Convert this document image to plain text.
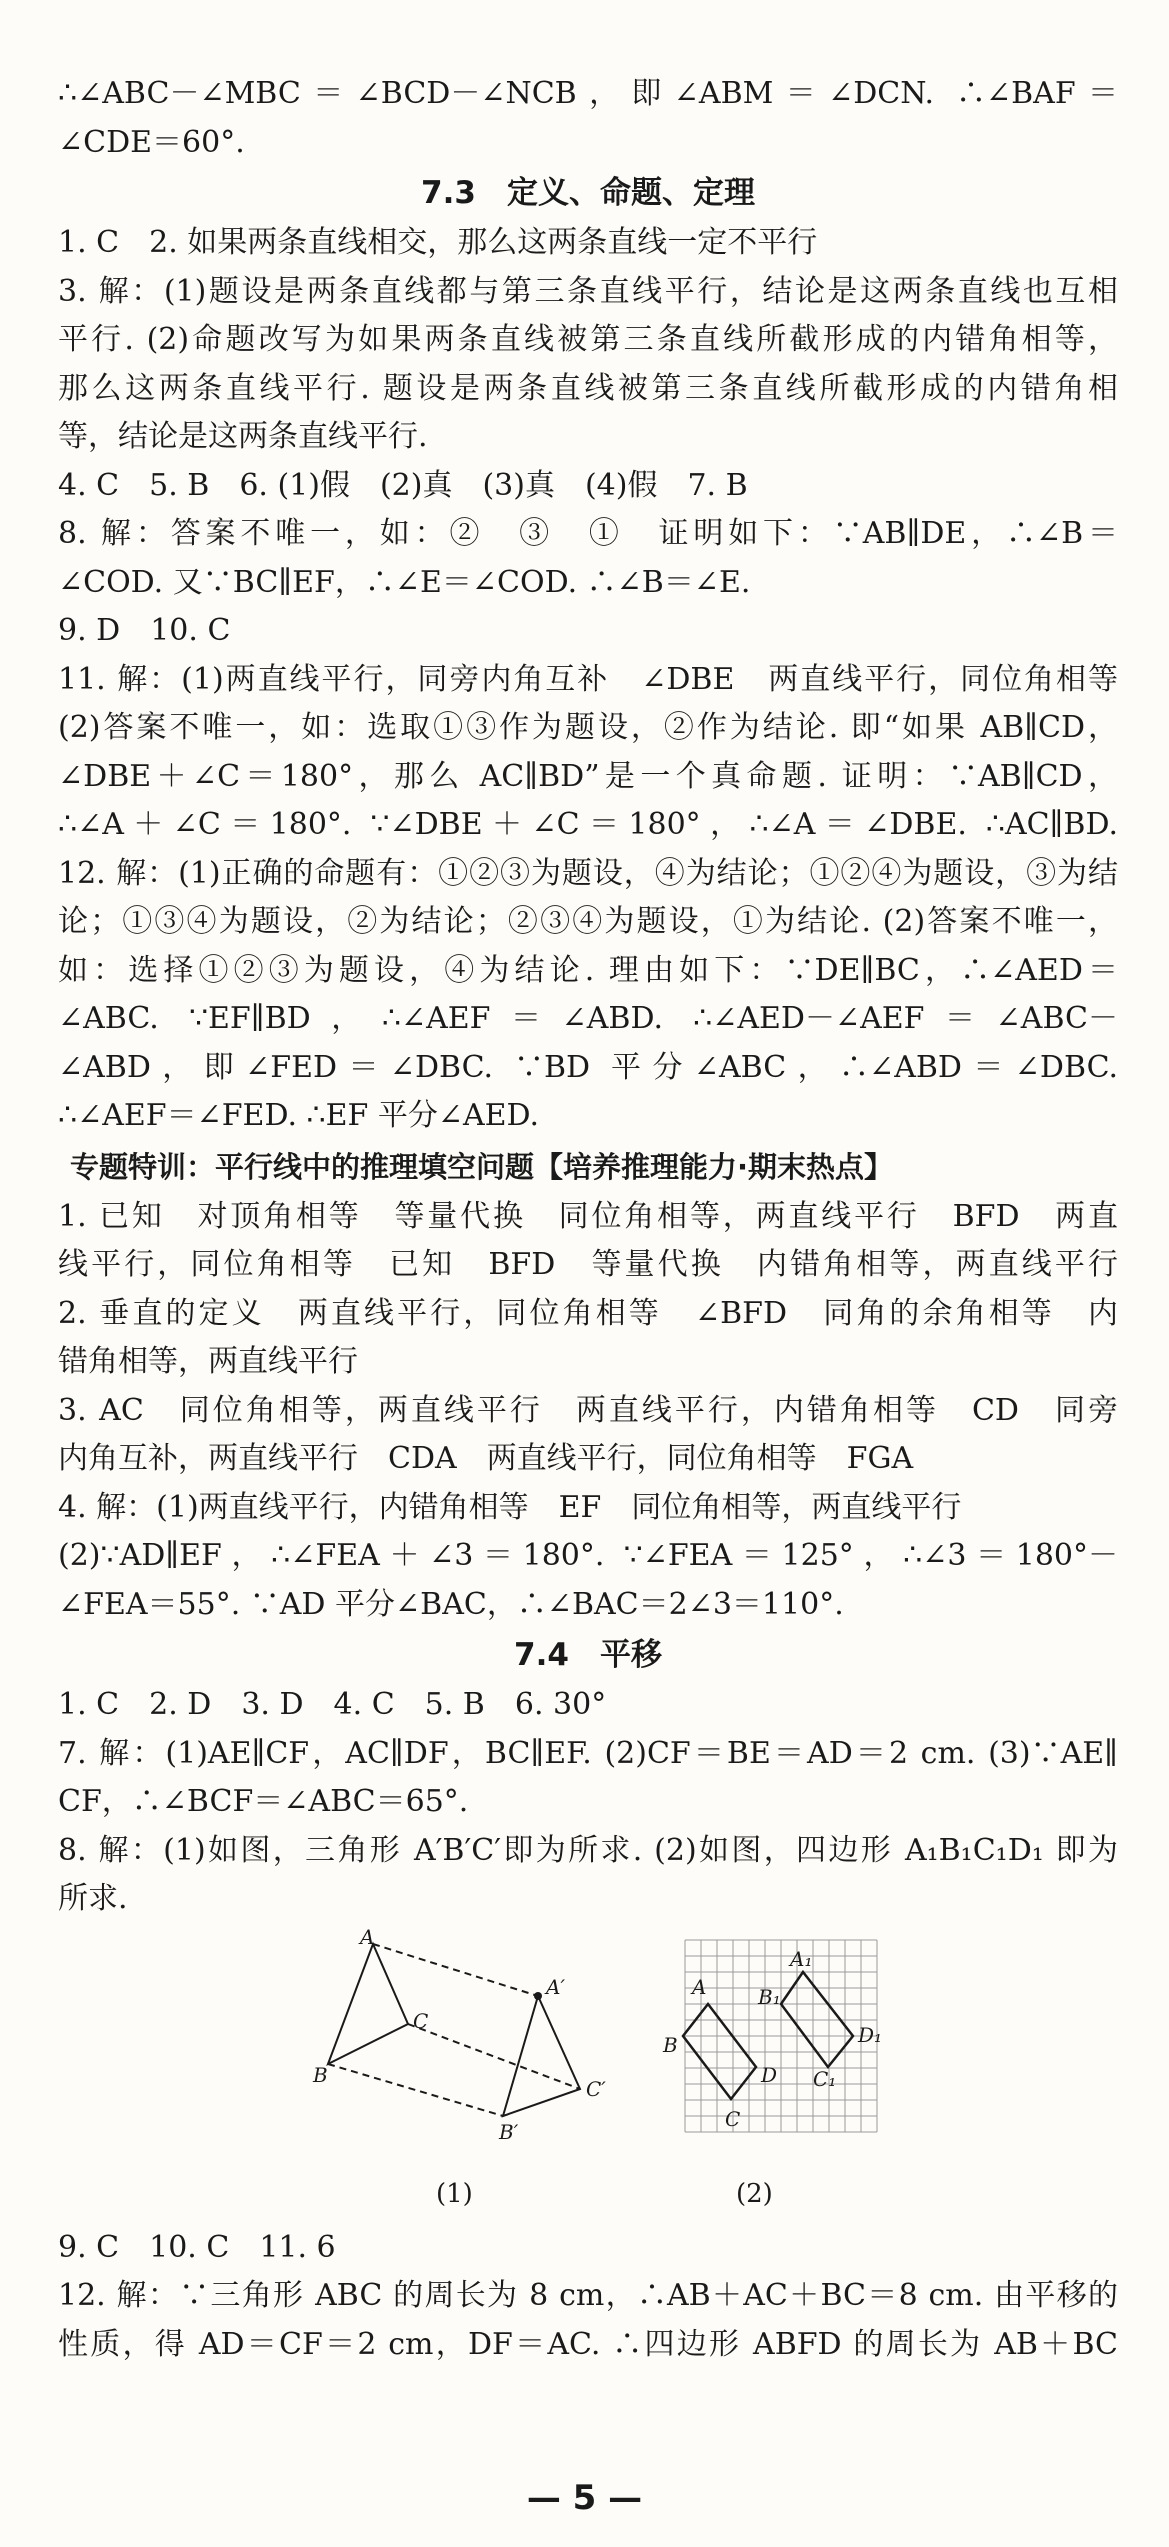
∴∠ABC－∠MBC＝∠BCD－∠NCB，即∠ABM＝∠DCN. ∴∠BAF＝
∠CDE＝60°.
7.3　定义、命题、定理
1. C　2. 如果两条直线相交，那么这两条直线一定不平行
3. 解：(1)题设是两条直线都与第三条直线平行，结论是这两条直线也互相
平行. (2)命题改写为如果两条直线被第三条直线所截形成的内错角相等，
那么这两条直线平行. 题设是两条直线被第三条直线所截形成的内错角相
等，结论是这两条直线平行.
4. C　5. B　6. (1)假　(2)真　(3)真　(4)假　7. B
8. 解：答案不唯一，如：②　③　①　证明如下：∵AB∥DE，∴∠B＝
∠COD. 又∵BC∥EF，∴∠E＝∠COD. ∴∠B＝∠E.
9. D　10. C
11. 解：(1)两直线平行，同旁内角互补　∠DBE　两直线平行，同位角相等
(2)答案不唯一，如：选取①③作为题设，②作为结论. 即“如果 AB∥CD，
∠DBE＋∠C＝180°，那么 AC∥BD”是一个真命题. 证明：∵AB∥CD，
∴∠A＋∠C＝180°. ∵∠DBE＋∠C＝180°，∴∠A＝∠DBE. ∴AC∥BD.
12. 解：(1)正确的命题有：①②③为题设，④为结论；①②④为题设，③为结
论；①③④为题设，②为结论；②③④为题设，①为结论. (2)答案不唯一，
如：选择①②③为题设，④为结论. 理由如下：∵DE∥BC，∴∠AED＝
∠ABC. ∵EF∥BD，∴∠AEF＝∠ABD. ∴∠AED－∠AEF＝∠ABC－
∠ABD，即∠FED＝∠DBC. ∵BD 平分∠ABC，∴∠ABD＝∠DBC.
∴∠AEF＝∠FED. ∴EF 平分∠AED.
专题特训：平行线中的推理填空问题【培养推理能力·期末热点】
1. 已知　对顶角相等　等量代换　同位角相等，两直线平行　BFD　两直
线平行，同位角相等　已知　BFD　等量代换　内错角相等，两直线平行
2. 垂直的定义　两直线平行，同位角相等　∠BFD　同角的余角相等　内
错角相等，两直线平行
3. AC　同位角相等，两直线平行　两直线平行，内错角相等　CD　同旁
内角互补，两直线平行　CDA　两直线平行，同位角相等　FGA
4. 解：(1)两直线平行，内错角相等　EF　同位角相等，两直线平行
(2)∵AD∥EF，∴∠FEA＋∠3＝180°. ∵∠FEA＝125°，∴∠3＝180°－
∠FEA＝55°. ∵AD 平分∠BAC，∴∠BAC＝2∠3＝110°.
7.4　平移
1. C　2. D　3. D　4. C　5. B　6. 30°
7. 解：(1)AE∥CF，AC∥DF，BC∥EF. (2)CF＝BE＝AD＝2 cm. (3)∵AE∥
CF，∴∠BCF＝∠ABC＝65°.
8. 解：(1)如图，三角形 A′B′C′即为所求. (2)如图，四边形 A₁B₁C₁D₁ 即为
所求.
A
B
C
A′
B′
C′
(1)
A
B
C
D
A₁
B₁
C₁
D₁
(2)
9. C　10. C　11. 6
12. 解：∵三角形 ABC 的周长为 8 cm，∴AB＋AC＋BC＝8 cm. 由平移的
性质，得 AD＝CF＝2 cm，DF＝AC. ∴四边形 ABFD 的周长为 AB＋BC
— 5 —
